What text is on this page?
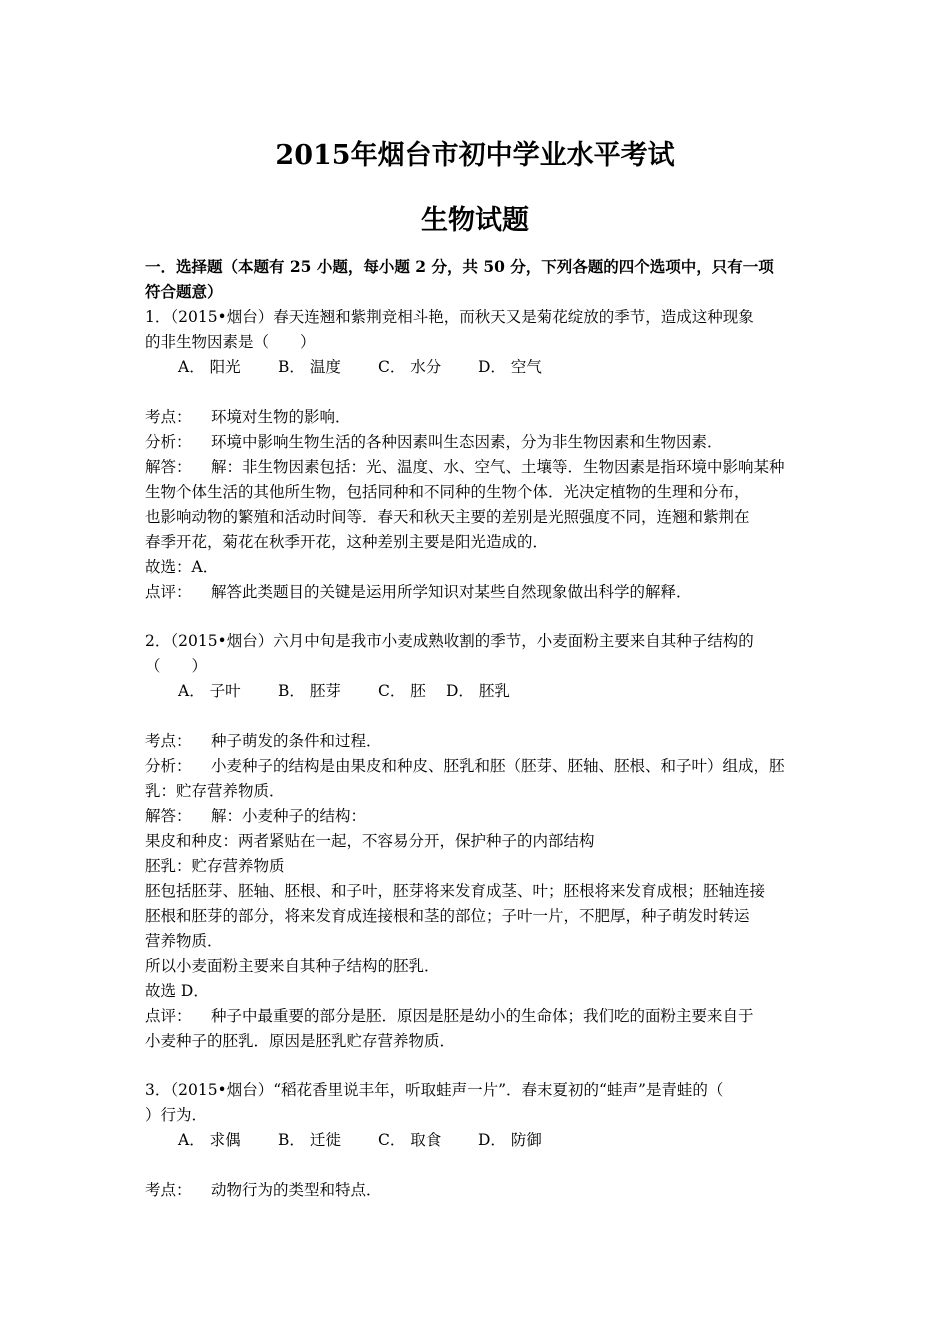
2015年烟台市初中学业水平考试
生物试题
一．选择题（本题有 25 小题，每小题 2 分，共 50 分，下列各题的四个选项中，只有一项
符合题意）
1．（2015•烟台）春天连翘和紫荆竞相斗艳，而秋天又是菊花绽放的季节，造成这种现象
的非生物因素是（　　）
A． 阳光 B． 温度 C． 水分 D． 空气
考点： 环境对生物的影响．
分析： 环境中影响生物生活的各种因素叫生态因素，分为非生物因素和生物因素．
解答： 解：非生物因素包括：光、温度、水、空气、土壤等．生物因素是指环境中影响某种
生物个体生活的其他所生物，包括同种和不同种的生物个体．光决定植物的生理和分布，
也影响动物的繁殖和活动时间等．春天和秋天主要的差别是光照强度不同，连翘和紫荆在
春季开花，菊花在秋季开花，这种差别主要是阳光造成的．
故选：A．
点评： 解答此类题目的关键是运用所学知识对某些自然现象做出科学的解释．
2．（2015•烟台）六月中旬是我市小麦成熟收割的季节，小麦面粉主要来自其种子结构的
（　　）
A． 子叶 B． 胚芽 C． 胚 D． 胚乳
考点： 种子萌发的条件和过程．
分析： 小麦种子的结构是由果皮和种皮、胚乳和胚（胚芽、胚轴、胚根、和子叶）组成，胚
乳：贮存营养物质．
解答： 解：小麦种子的结构：
果皮和种皮：两者紧贴在一起，不容易分开，保护种子的内部结构
胚乳：贮存营养物质
胚包括胚芽、胚轴、胚根、和子叶，胚芽将来发育成茎、叶；胚根将来发育成根；胚轴连接
胚根和胚芽的部分，将来发育成连接根和茎的部位；子叶一片，不肥厚，种子萌发时转运
营养物质．
所以小麦面粉主要来自其种子结构的胚乳．
故选 D．
点评： 种子中最重要的部分是胚．原因是胚是幼小的生命体；我们吃的面粉主要来自于
小麦种子的胚乳．原因是胚乳贮存营养物质．
3．（2015•烟台）“稻花香里说丰年，听取蛙声一片”．春末夏初的“蛙声”是青蛙的（
）行为．
A． 求偶 B． 迁徙 C． 取食 D． 防御
考点： 动物行为的类型和特点．
